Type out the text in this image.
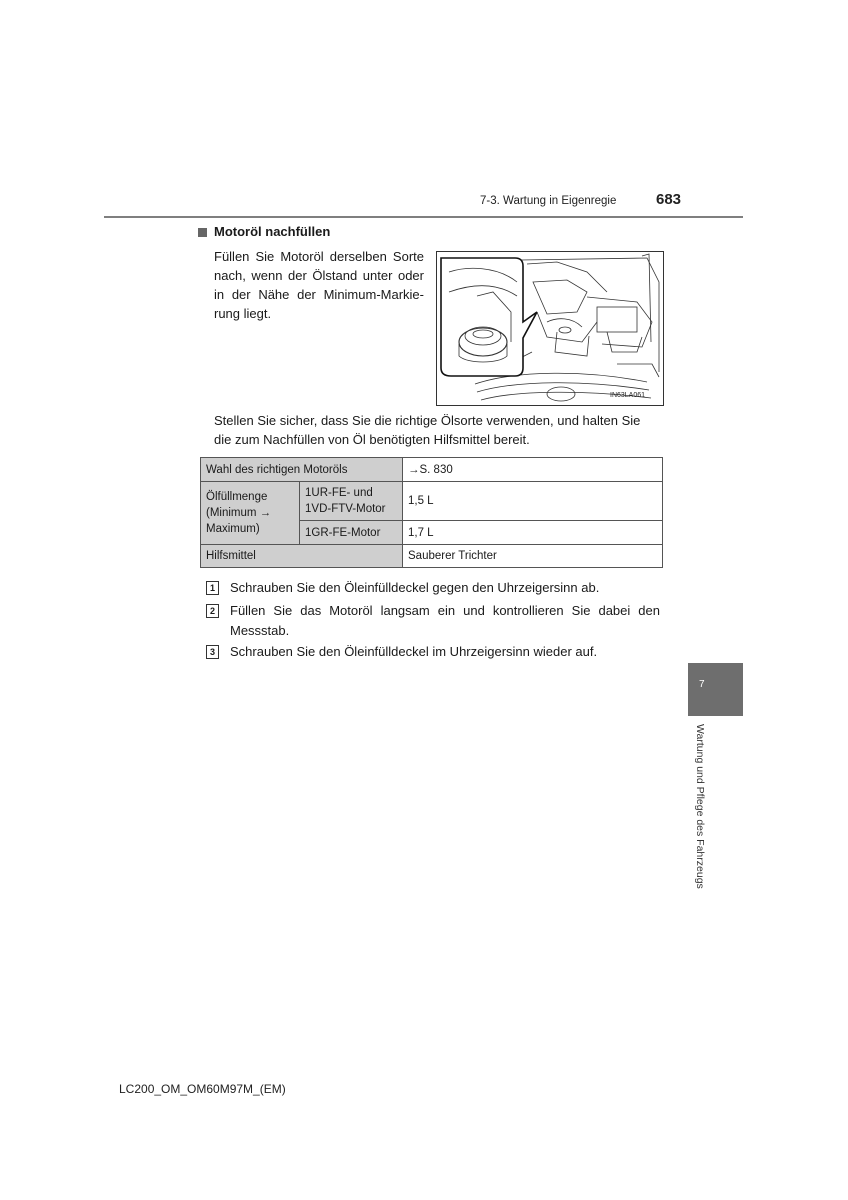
7-3. Wartung in Eigenregie	683
Motoröl nachfüllen
Füllen Sie Motoröl derselben Sorte nach, wenn der Ölstand unter oder in der Nähe der Minimum-Markie-rung liegt.
IN63LA061
Stellen Sie sicher, dass Sie die richtige Ölsorte verwenden, und halten Sie die zum Nachfüllen von Öl benötigten Hilfsmittel bereit.
Wahl des richtigen Motoröls		→S. 830
Ölfüllmenge (Minimum → Maximum)	1UR-FE- und 1VD-FTV-Motor	1,5 L
	1GR-FE-Motor	1,7 L
Hilfsmittel		Sauberer Trichter
1	Schrauben Sie den Öleinfülldeckel gegen den Uhrzeigersinn ab.
2	Füllen Sie das Motoröl langsam ein und kontrollieren Sie dabei den Messstab.
3	Schrauben Sie den Öleinfülldeckel im Uhrzeigersinn wieder auf.
7
Wartung und Pflege des Fahrzeugs
LC200_OM_OM60M97M_(EM)
